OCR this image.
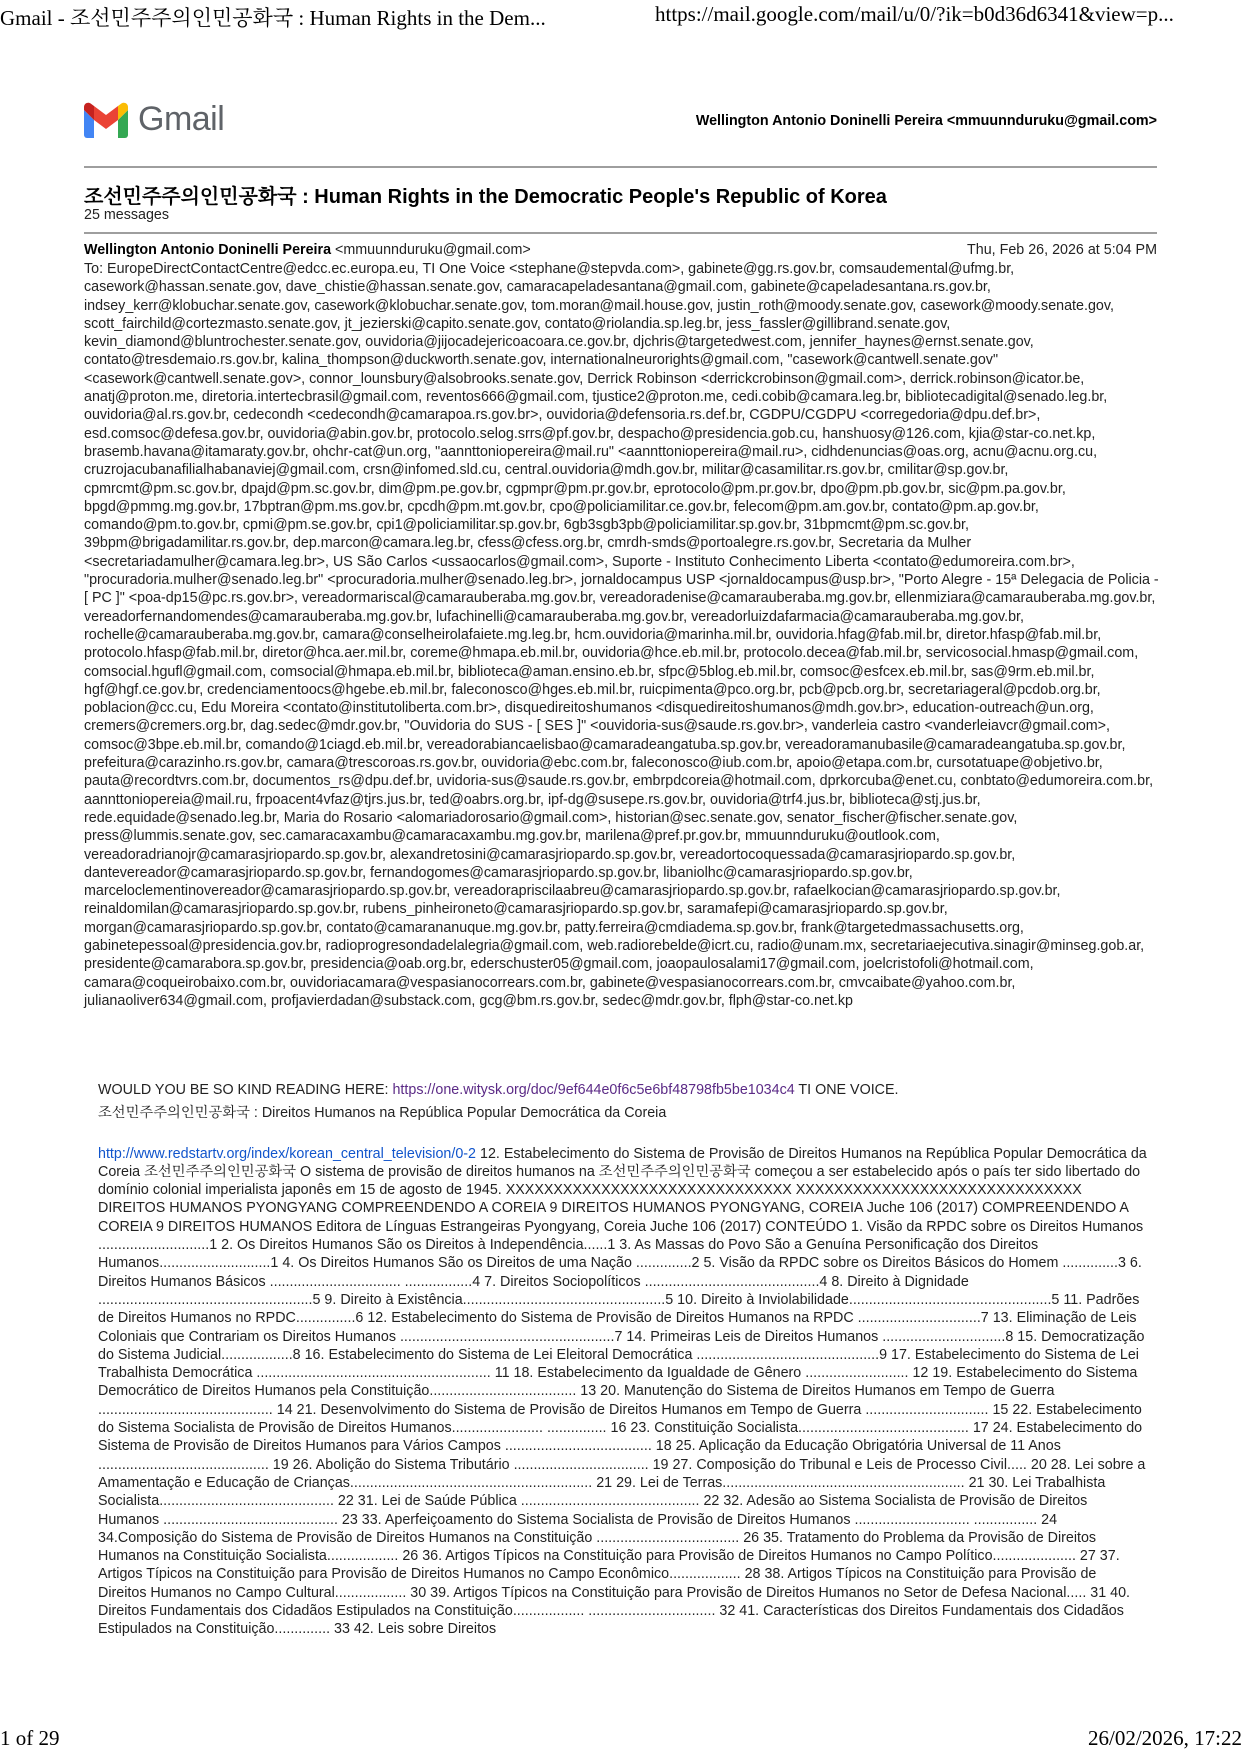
Gmail - 조선민주주의인민공화국 : Human Rights in the Dem...	https://mail.google.com/mail/u/0/?ik=b0d36d6341&view=p...
Gmail	Wellington Antonio Doninelli Pereira <mmuunnduruku@gmail.com>
조선민주주의인민공화국 : Human Rights in the Democratic People's Republic of Korea
25 messages
Wellington Antonio Doninelli Pereira <mmuunnduruku@gmail.com>	Thu, Feb 26, 2026 at 5:04 PM
To: EuropeDirectContactCentre@edcc.ec.europa.eu, TI One Voice <stephane@stepvda.com>, gabinete@gg.rs.gov.br, comsaudemental@ufmg.br, casework@hassan.senate.gov, dave_chistie@hassan.senate.gov, camaracapeladesantana@gmail.com, gabinete@capeladesantana.rs.gov.br, indsey_kerr@klobuchar.senate.gov, casework@klobuchar.senate.gov, tom.moran@mail.house.gov, justin_roth@moody.senate.gov, casework@moody.senate.gov, scott_fairchild@cortezmasto.senate.gov, jt_jezierski@capito.senate.gov, contato@riolandia.sp.leg.br, jess_fassler@gillibrand.senate.gov, kevin_diamond@bluntrochester.senate.gov, ouvidoria@jijocadejericoacoara.ce.gov.br, djchris@targetedwest.com, jennifer_haynes@ernst.senate.gov, contato@tresdemaio.rs.gov.br, kalina_thompson@duckworth.senate.gov, internationalneurorights@gmail.com, "casework@cantwell.senate.gov" <casework@cantwell.senate.gov>, connor_lounsbury@alsobrooks.senate.gov, Derrick Robinson <derrickcrobinson@gmail.com>, derrick.robinson@icator.be, anatj@proton.me, diretoria.intertecbrasil@gmail.com, reventos666@gmail.com, tjustice2@proton.me, cedi.cobib@camara.leg.br, bibliotecadigital@senado.leg.br, ouvidoria@al.rs.gov.br, cedecondh <cedecondh@camarapoa.rs.gov.br>, ouvidoria@defensoria.rs.def.br, CGDPU/CGDPU <corregedoria@dpu.def.br>, esd.comsoc@defesa.gov.br, ouvidoria@abin.gov.br, protocolo.selog.srrs@pf.gov.br, despacho@presidencia.gob.cu, hanshuosy@126.com, kjia@star-co.net.kp, brasemb.havana@itamaraty.gov.br, ohchr-cat@un.org, "aannttoniopereira@mail.ru" <aannttoniopereira@mail.ru>, cidhdenuncias@oas.org, acnu@acnu.org.cu, cruzrojacubanafilialhabanaviej@gmail.com, crsn@infomed.sld.cu, central.ouvidoria@mdh.gov.br, militar@casamilitar.rs.gov.br, cmilitar@sp.gov.br, cpmrcmt@pm.sc.gov.br, dpajd@pm.sc.gov.br, dim@pm.pe.gov.br, cgpmpr@pm.pr.gov.br, eprotocolo@pm.pr.gov.br, dpo@pm.pb.gov.br, sic@pm.pa.gov.br, bpgd@pmmg.mg.gov.br, 17bptran@pm.ms.gov.br, cpcdh@pm.mt.gov.br, cpo@policiamilitar.ce.gov.br, felecom@pm.am.gov.br, contato@pm.ap.gov.br, comando@pm.to.gov.br, cpmi@pm.se.gov.br, cpi1@policiamilitar.sp.gov.br, 6gb3sgb3pb@policiamilitar.sp.gov.br, 31bpmcmt@pm.sc.gov.br, 39bpm@brigadamilitar.rs.gov.br, dep.marcon@camara.leg.br, cfess@cfess.org.br, cmrdh-smds@portoalegre.rs.gov.br, Secretaria da Mulher <secretariadamulher@camara.leg.br>, US São Carlos <ussaocarlos@gmail.com>, Suporte - Instituto Conhecimento Liberta <contato@edumoreira.com.br>, "procuradoria.mulher@senado.leg.br" <procuradoria.mulher@senado.leg.br>, jornaldocampus USP <jornaldocampus@usp.br>, "Porto Alegre - 15ª Delegacia de Policia - [ PC ]" <poa-dp15@pc.rs.gov.br>, vereadormariscal@camarauberaba.mg.gov.br, vereadoradenise@camarauberaba.mg.gov.br, ellenmiziara@camarauberaba.mg.gov.br, vereadorfernandomendes@camarauberaba.mg.gov.br, lufachinelli@camarauberaba.mg.gov.br, vereadorluizdafarmacia@camarauberaba.mg.gov.br, rochelle@camarauberaba.mg.gov.br, camara@conselheirolafaiete.mg.leg.br, hcm.ouvidoria@marinha.mil.br, ouvidoria.hfag@fab.mil.br, diretor.hfasp@fab.mil.br, protocolo.hfasp@fab.mil.br, diretor@hca.aer.mil.br, coreme@hmapa.eb.mil.br, ouvidoria@hce.eb.mil.br, protocolo.decea@fab.mil.br, servicosocial.hmasp@gmail.com, comsocial.hgufl@gmail.com, comsocial@hmapa.eb.mil.br, biblioteca@aman.ensino.eb.br, sfpc@5blog.eb.mil.br, comsoc@esfcex.eb.mil.br, sas@9rm.eb.mil.br, hgf@hgf.ce.gov.br, credenciamentoocs@hgebe.eb.mil.br, faleconosco@hges.eb.mil.br, ruicpimenta@pco.org.br, pcb@pcb.org.br, secretariageral@pcdob.org.br, poblacion@cc.cu, Edu Moreira <contato@institutoliberta.com.br>, disquedireitoshumanos <disquedireitoshumanos@mdh.gov.br>, education-outreach@un.org, cremers@cremers.org.br, dag.sedec@mdr.gov.br, "Ouvidoria do SUS - [ SES ]" <ouvidoria-sus@saude.rs.gov.br>, vanderleia castro <vanderleiavcr@gmail.com>, comsoc@3bpe.eb.mil.br, comando@1ciagd.eb.mil.br, vereadorabiancaelisbao@camaradeangatuba.sp.gov.br, vereadoramanubasile@camaradeangatuba.sp.gov.br, prefeitura@carazinho.rs.gov.br, camara@trescoroas.rs.gov.br, ouvidoria@ebc.com.br, faleconosco@iub.com.br, apoio@etapa.com.br, cursotatuape@objetivo.br, pauta@recordtvrs.com.br, documentos_rs@dpu.def.br, uvidoria-sus@saude.rs.gov.br, embrpdcoreia@hotmail.com, dprkorcuba@enet.cu, conbtato@edumoreira.com.br, aannttoniopereia@mail.ru, frpoacent4vfaz@tjrs.jus.br, ted@oabrs.org.br, ipf-dg@susepe.rs.gov.br, ouvidoria@trf4.jus.br, biblioteca@stj.jus.br, rede.equidade@senado.leg.br, Maria do Rosario <alomariadorosario@gmail.com>, historian@sec.senate.gov, senator_fischer@fischer.senate.gov, press@lummis.senate.gov, sec.camaracaxambu@camaracaxambu.mg.gov.br, marilena@pref.pr.gov.br, mmuunnduruku@outlook.com, vereadoradrianojr@camarasjriopardo.sp.gov.br, alexandretosini@camarasjriopardo.sp.gov.br, vereadortocoquessada@camarasjriopardo.sp.gov.br, dantevereador@camarasjriopardo.sp.gov.br, fernandogomes@camarasjriopardo.sp.gov.br, libaniolhc@camarasjriopardo.sp.gov.br, marceloclementinovereador@camarasjriopardo.sp.gov.br, vereadorapriscilaabreu@camarasjriopardo.sp.gov.br, rafaelkocian@camarasjriopardo.sp.gov.br, reinaldomilan@camarasjriopardo.sp.gov.br, rubens_pinheironeto@camarasjriopardo.sp.gov.br, saramafepi@camarasjriopardo.sp.gov.br, morgan@camarasjriopardo.sp.gov.br, contato@camarananuque.mg.gov.br, patty.ferreira@cmdiadema.sp.gov.br, frank@targetedmassachusetts.org, gabinetepessoal@presidencia.gov.br, radioprogresondadelalegria@gmail.com, web.radiorebelde@icrt.cu, radio@unam.mx, secretariaejecutiva.sinagir@minseg.gob.ar, presidente@camarabora.sp.gov.br, presidencia@oab.org.br, ederschuster05@gmail.com, joaopaulosalami17@gmail.com, joelcristofoli@hotmail.com, camara@coqueirobaixo.com.br, ouvidoriacamara@vespasianocorrears.com.br, gabinete@vespasianocorrears.com.br, cmvcaibate@yahoo.com.br, julianaoliver634@gmail.com, profjavierdadan@substack.com, gcg@bm.rs.gov.br, sedec@mdr.gov.br, flph@star-co.net.kp

WOULD YOU BE SO KIND READING HERE: https://one.witysk.org/doc/9ef644e0f6c5e6bf48798fb5be1034c4 TI ONE VOICE.

조선민주주의인민공화국 : Direitos Humanos na República Popular Democrática da Coreia

http://www.redstartv.org/index/korean_central_television/0-2 12. Estabelecimento do Sistema de Provisão de Direitos Humanos na República Popular Democrática da Coreia 조선민주주의인민공화국 O sistema de provisão de direitos humanos na 조선민주주의인민공화국 começou a ser estabelecido após o país ter sido libertado do domínio colonial imperialista japonês em 15 de agosto de 1945. XXXXXXXXXXXXXXXXXXXXXXXXXXXXXX XXXXXXXXXXXXXXXXXXXXXXXXXXXXXX DIREITOS HUMANOS PYONGYANG COMPREENDENDO A COREIA 9 DIREITOS HUMANOS PYONGYANG, COREIA Juche 106 (2017) COMPREENDENDO A COREIA 9 DIREITOS HUMANOS Editora de Línguas Estrangeiras Pyongyang, Coreia Juche 106 (2017) CONTEÚDO 1. Visão da RPDC sobre os Direitos Humanos ............................1 2. Os Direitos Humanos São os Direitos à Independência......1 3. As Massas do Povo São a Genuína Personificação dos Direitos Humanos............................1 4. Os Direitos Humanos São os Direitos de uma Nação ..............2 5. Visão da RPDC sobre os Direitos Básicos do Homem ..............3 6. Direitos Humanos Básicos ................................. .................4 7. Direitos Sociopolíticos ............................................4 8. Direito à Dignidade ......................................................5 9. Direito à Existência...................................................5 10. Direito à Inviolabilidade...................................................5 11. Padrões de Direitos Humanos no RPDC...............6 12. Estabelecimento do Sistema de Provisão de Direitos Humanos na RPDC ...............................7 13. Eliminação de Leis Coloniais que Contrariam os Direitos Humanos ......................................................7 14. Primeiras Leis de Direitos Humanos ...............................8 15. Democratização do Sistema Judicial..................8 16. Estabelecimento do Sistema de Lei Eleitoral Democrática ..............................................9 17. Estabelecimento do Sistema de Lei Trabalhista Democrática ........................................................... 11 18. Estabelecimento da Igualdade de Gênero .......................... 12 19. Estabelecimento do Sistema Democrático de Direitos Humanos pela Constituição..................................... 13 20. Manutenção do Sistema de Direitos Humanos em Tempo de Guerra ............................................ 14 21. Desenvolvimento do Sistema de Provisão de Direitos Humanos em Tempo de Guerra ............................... 15 22. Estabelecimento do Sistema Socialista de Provisão de Direitos Humanos....................... ............... 16 23. Constituição Socialista........................................... 17 24. Estabelecimento do Sistema de Provisão de Direitos Humanos para Vários Campos ..................................... 18 25. Aplicação da Educação Obrigatória Universal de 11 Anos ........................................... 19 26. Abolição do Sistema Tributário .................................. 19 27. Composição do Tribunal e Leis de Processo Civil..... 20 28. Lei sobre a Amamentação e Educação de Crianças............................................................. 21 29. Lei de Terras............................................................. 21 30. Lei Trabalhista Socialista............................................ 22 31. Lei de Saúde Pública ............................................. 22 32. Adesão ao Sistema Socialista de Provisão de Direitos Humanos ............................................ 23 33. Aperfeiçoamento do Sistema Socialista de Provisão de Direitos Humanos ............................. ................ 24 34.Composição do Sistema de Provisão de Direitos Humanos na Constituição .................................... 26 35. Tratamento do Problema da Provisão de Direitos Humanos na Constituição Socialista.................. 26 36. Artigos Típicos na Constituição para Provisão de Direitos Humanos no Campo Político..................... 27 37. Artigos Típicos na Constituição para Provisão de Direitos Humanos no Campo Econômico.................. 28 38. Artigos Típicos na Constituição para Provisão de Direitos Humanos no Campo Cultural.................. 30 39. Artigos Típicos na Constituição para Provisão de Direitos Humanos no Setor de Defesa Nacional..... 31 40. Direitos Fundamentais dos Cidadãos Estipulados na Constituição.................. ................................ 32 41. Características dos Direitos Fundamentais dos Cidadãos Estipulados na Constituição.............. 33 42. Leis sobre Direitos

1 of 29	26/02/2026, 17:22
